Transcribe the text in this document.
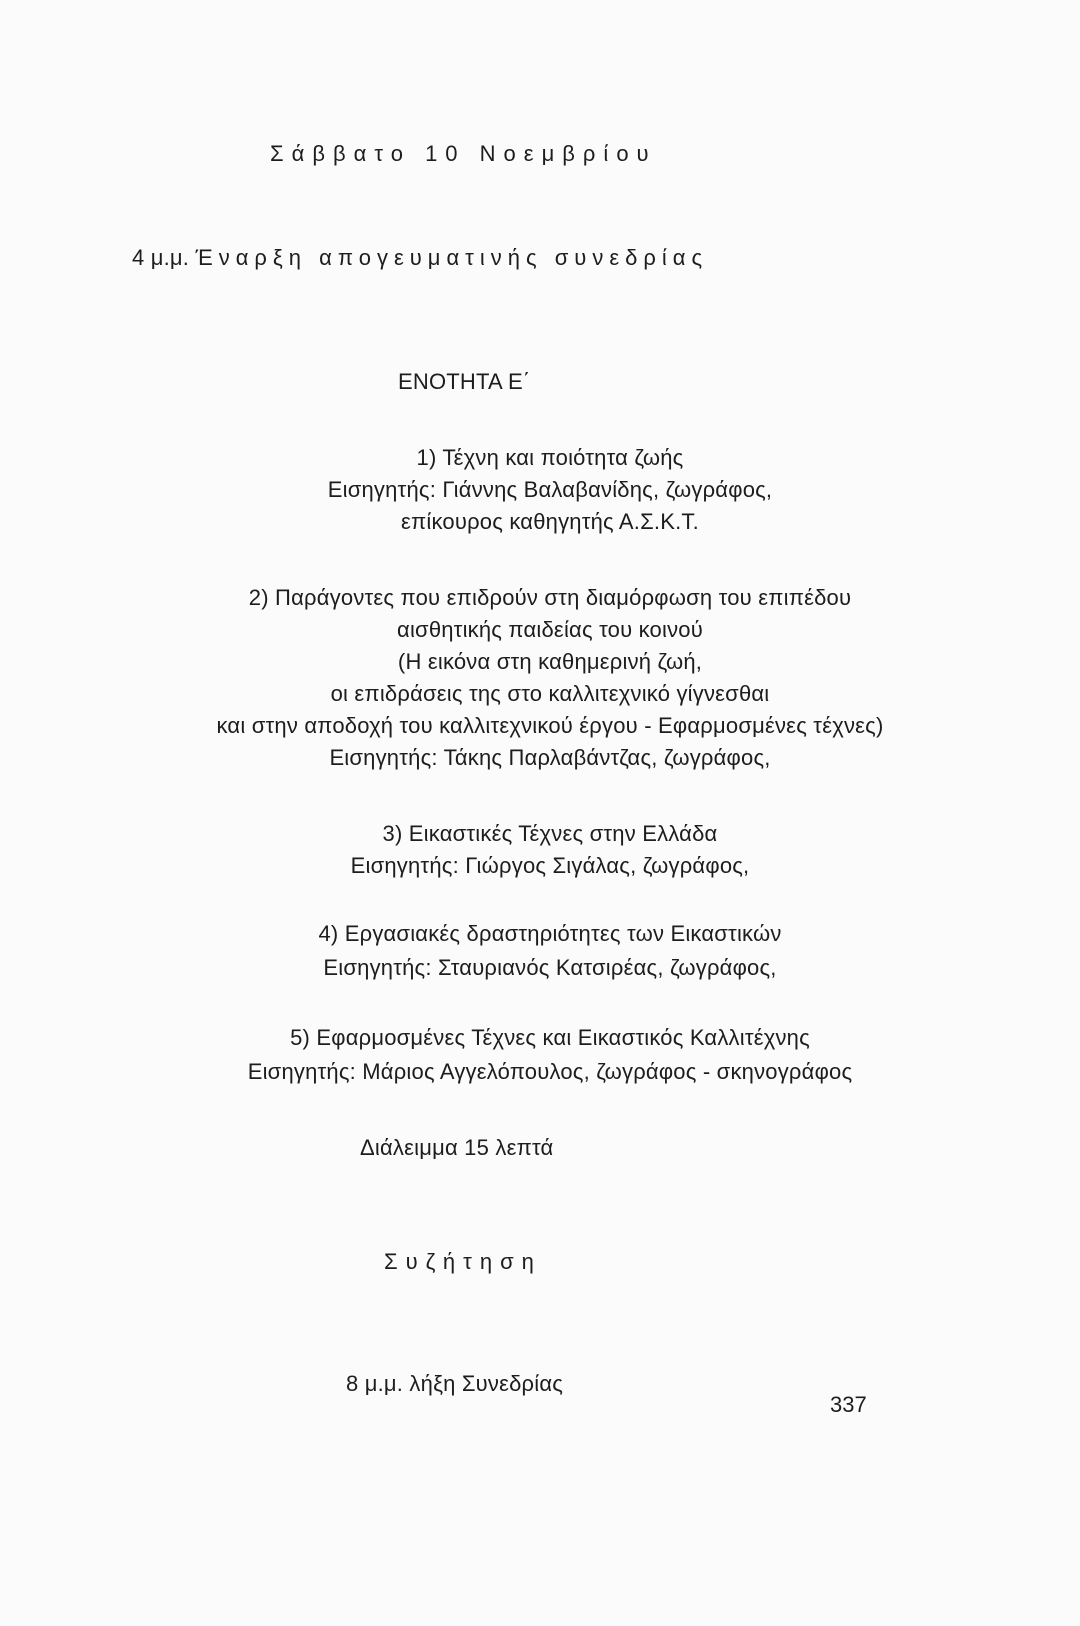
Σάββατο 10 Νοεμβρίου
4 μ.μ. Έναρξη απογευματινής συνεδρίας
ΕΝΟΤΗΤΑ Ε΄
1) Τέχνη και ποιότητα ζωής
Εισηγητής: Γιάννης Βαλαβανίδης, ζωγράφος,
επίκουρος καθηγητής Α.Σ.Κ.Τ.
2) Παράγοντες που επιδρούν στη διαμόρφωση του επιπέδου
αισθητικής παιδείας του κοινού
(Η εικόνα στη καθημερινή ζωή,
οι επιδράσεις της στο καλλιτεχνικό γίγνεσθαι
και στην αποδοχή του καλλιτεχνικού έργου - Εφαρμοσμένες τέχνες)
Εισηγητής: Τάκης Παρλαβάντζας, ζωγράφος,
3) Εικαστικές Τέχνες στην Ελλάδα
Εισηγητής: Γιώργος Σιγάλας, ζωγράφος,
4) Εργασιακές δραστηριότητες των Εικαστικών
Εισηγητής: Σταυριανός Κατσιρέας, ζωγράφος,
5) Εφαρμοσμένες Τέχνες και Εικαστικός Καλλιτέχνης
Εισηγητής: Μάριος Αγγελόπουλος, ζωγράφος - σκηνογράφος
Διάλειμμα 15 λεπτά
Συζήτηση
8 μ.μ. λήξη Συνεδρίας
337
